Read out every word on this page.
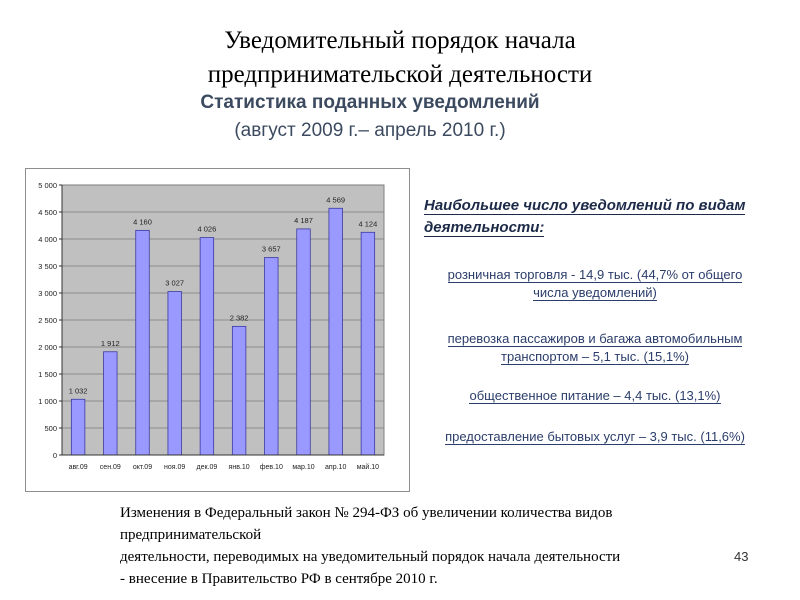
Уведомительный порядок начала
предпринимательской деятельности
Статистика поданных уведомлений
(август 2009 г.– апрель 2010 г.)
0
500
1 000
1 500
2 000
2 500
3 000
3 500
4 000
4 500
5 000
1 032
авг.09
1 912
сен.09
4 160
окт.09
3 027
ноя.09
4 026
дек.09
2 382
янв.10
3 657
фев.10
4 187
мар.10
4 569
апр.10
4 124
май.10
Наибольшее число уведомлений по видам
деятельности:
розничная торговля - 14,9 тыс. (44,7% от общего
числа уведомлений)
перевозка пассажиров и багажа автомобильным
транспортом – 5,1 тыс. (15,1%)
общественное питание – 4,4 тыс. (13,1%)
предоставление бытовых услуг – 3,9 тыс. (11,6%)
Изменения в Федеральный закон № 294-ФЗ об увеличении количества видов
предпринимательской
деятельности, переводимых на уведомительный порядок начала деятельности
- внесение в Правительство РФ в сентябре 2010 г.
43
